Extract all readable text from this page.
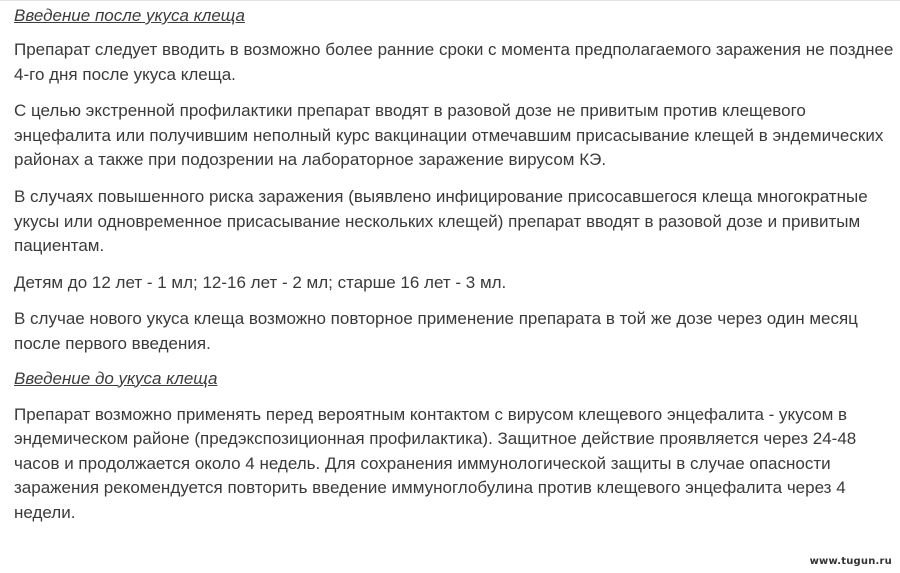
Введение после укуса клеща

Препарат следует вводить в возможно более ранние сроки с момента предполагаемого заражения не позднее 4-го дня после укуса клеща.

С целью экстренной профилактики препарат вводят в разовой дозе не привитым против клещевого энцефалита или получившим неполный курс вакцинации отмечавшим присасывание клещей в эндемических районах а также при подозрении на лабораторное заражение вирусом КЭ.

В случаях повышенного риска заражения (выявлено инфицирование присосавшегося клеща многократные укусы или одновременное присасывание нескольких клещей) препарат вводят в разовой дозе и привитым пациентам.

Детям до 12 лет - 1 мл; 12-16 лет - 2 мл; старше 16 лет - 3 мл.

В случае нового укуса клеща возможно повторное применение препарата в той же дозе через один месяц после первого введения.

Введение до укуса клеща

Препарат возможно применять перед вероятным контактом с вирусом клещевого энцефалита - укусом в эндемическом районе (предэкспозиционная профилактика). Защитное действие проявляется через 24-48 часов и продолжается около 4 недель. Для сохранения иммунологической защиты в случае опасности заражения рекомендуется повторить введение иммуноглобулина против клещевого энцефалита через 4 недели.

www.tugun.ru
